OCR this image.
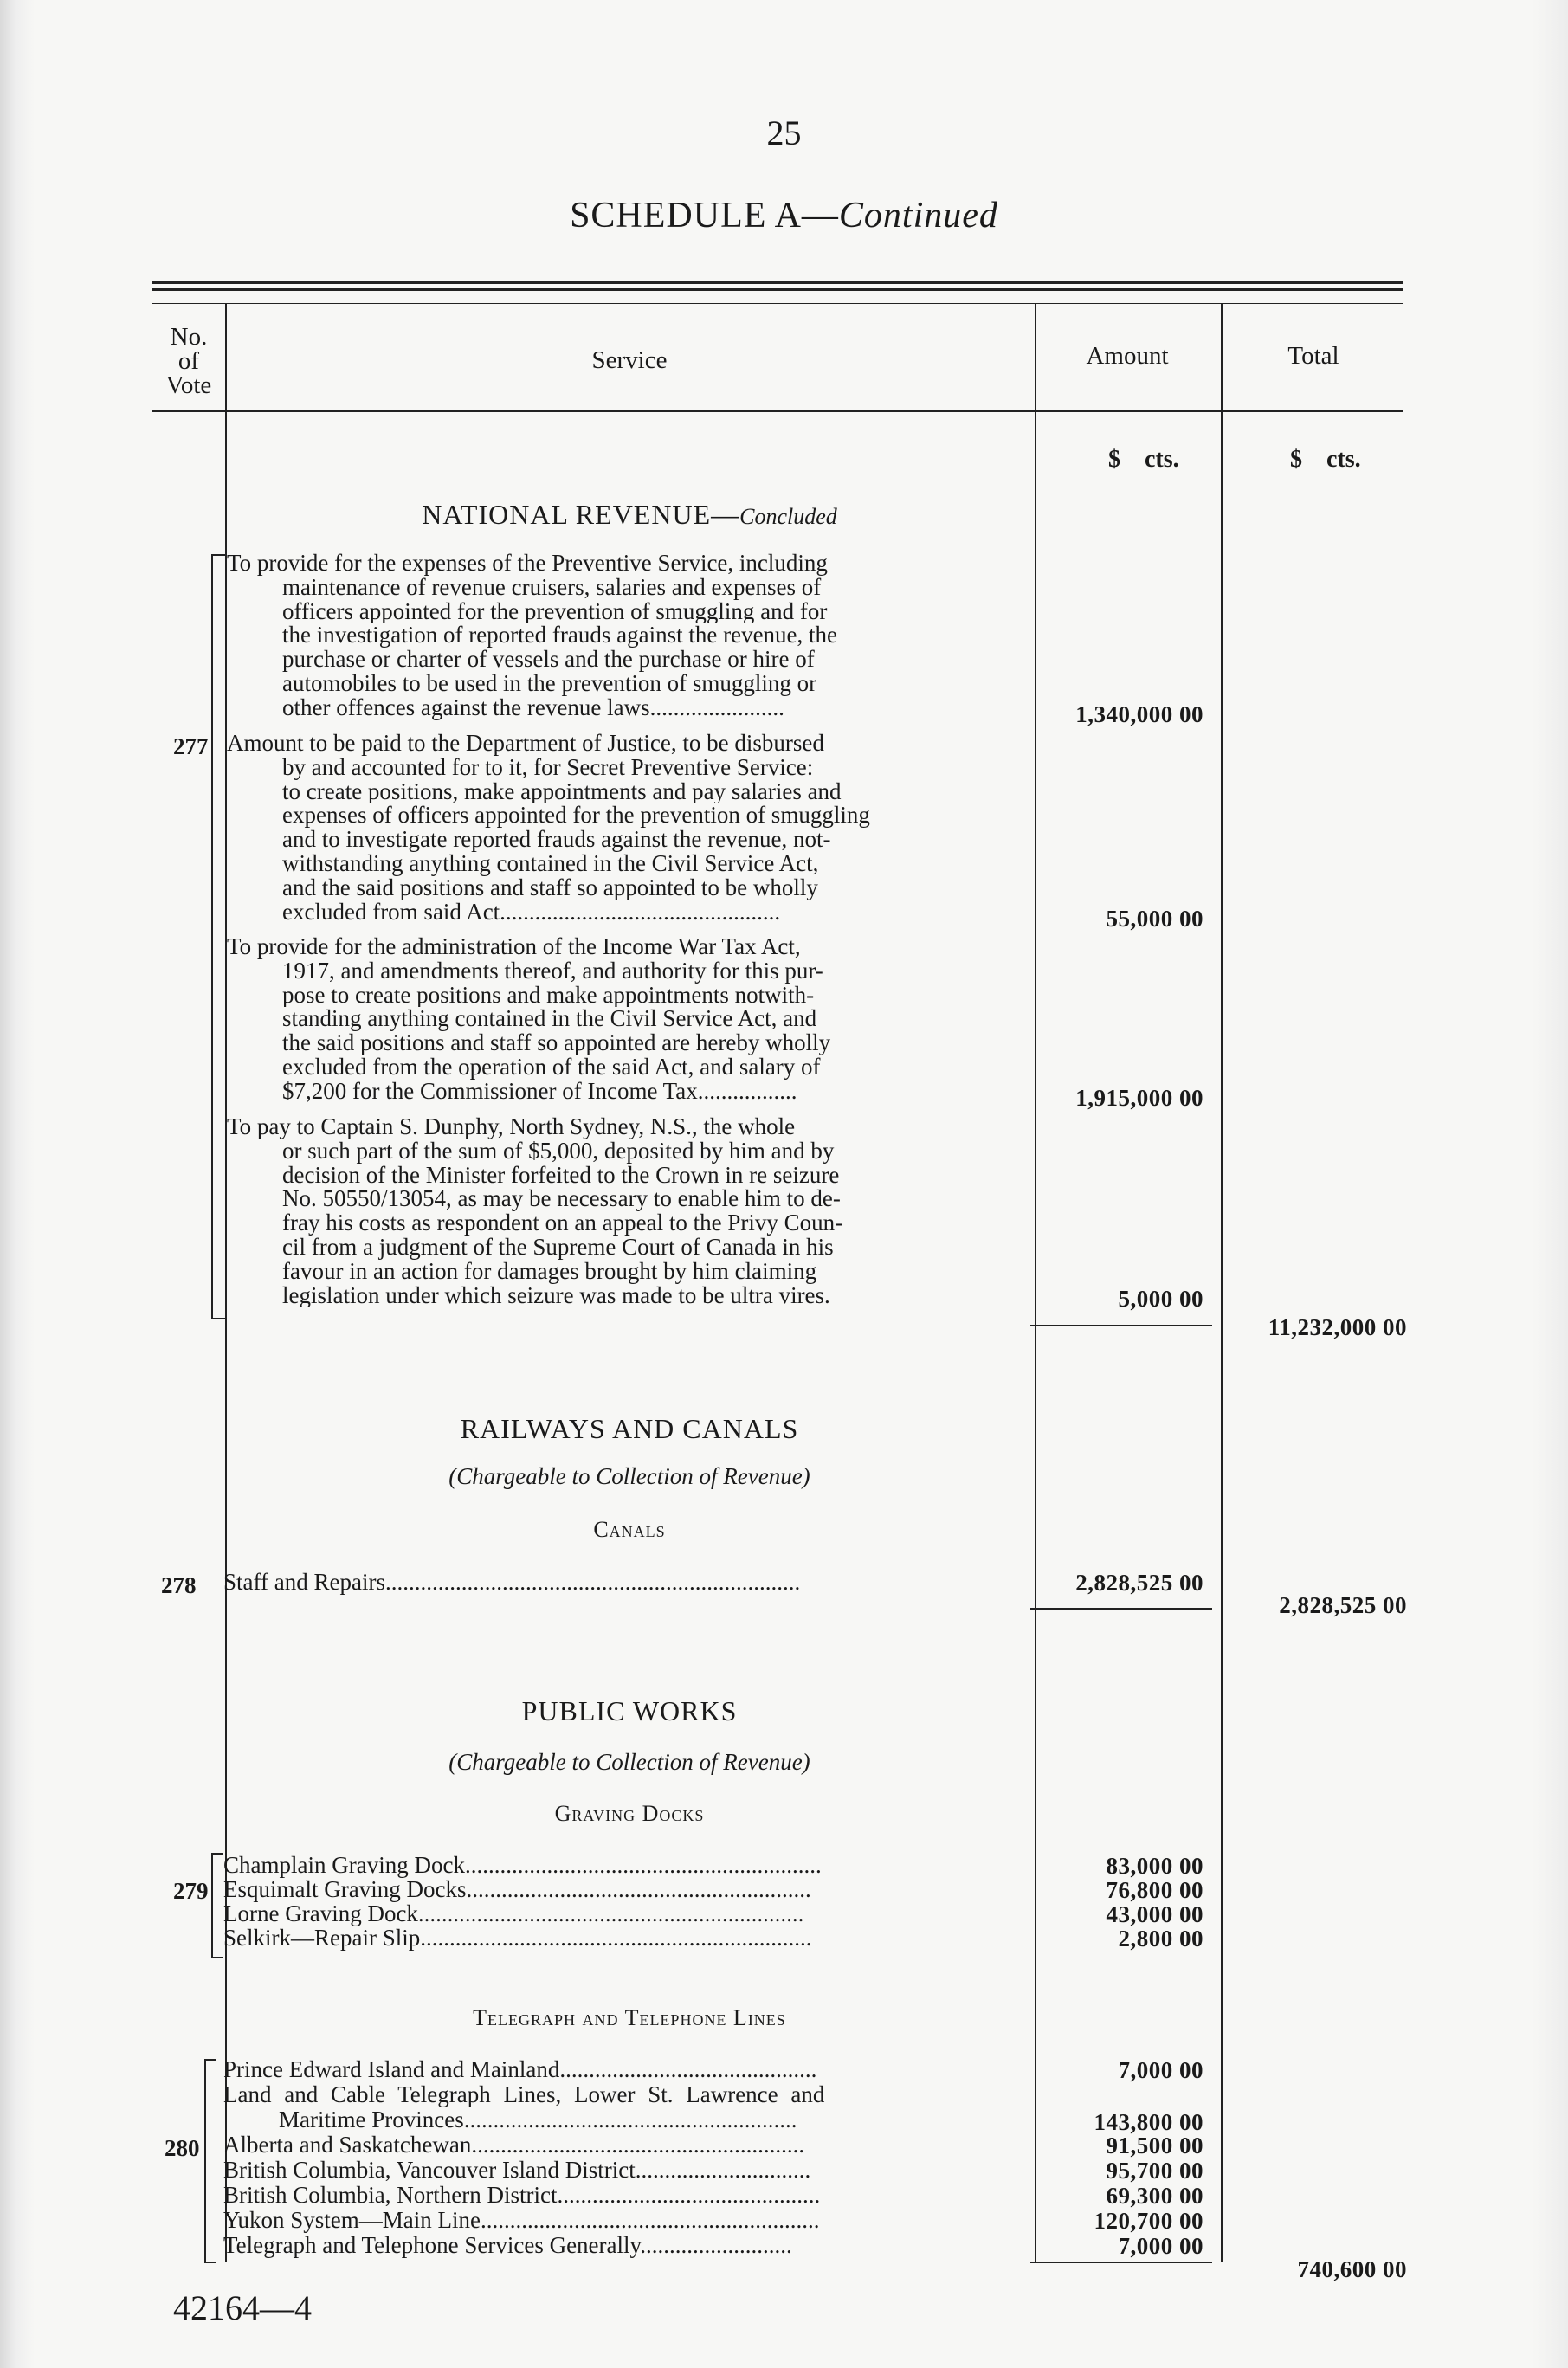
25
SCHEDULE A—Continued
No.
of
Vote
Service	Amount	Total
$    cts.	$    cts.
NATIONAL REVENUE—Concluded
277
To provide for the expenses of the Preventive Service, including
maintenance of revenue cruisers, salaries and expenses of
officers appointed for the prevention of smuggling and for
the investigation of reported frauds against the revenue, the
purchase or charter of vessels and the purchase or hire of
automobiles to be used in the prevention of smuggling or
other offences against the revenue laws.......................	1,340,000 00
Amount to be paid to the Department of Justice, to be disbursed
by and accounted for to it, for Secret Preventive Service:
to create positions, make appointments and pay salaries and
expenses of officers appointed for the prevention of smuggling
and to investigate reported frauds against the revenue, not-
withstanding anything contained in the Civil Service Act,
and the said positions and staff so appointed to be wholly
excluded from said Act................................................	55,000 00
To provide for the administration of the Income War Tax Act,
1917, and amendments thereof, and authority for this pur-
pose to create positions and make appointments notwith-
standing anything contained in the Civil Service Act, and
the said positions and staff so appointed are hereby wholly
excluded from the operation of the said Act, and salary of
$7,200 for the Commissioner of Income Tax.................	1,915,000 00
To pay to Captain S. Dunphy, North Sydney, N.S., the whole
or such part of the sum of $5,000, deposited by him and by
decision of the Minister forfeited to the Crown in re seizure
No. 50550/13054, as may be necessary to enable him to de-
fray his costs as respondent on an appeal to the Privy Coun-
cil from a judgment of the Supreme Court of Canada in his
favour in an action for damages brought by him claiming
legislation under which seizure was made to be ultra vires.	5,000 00
11,232,000 00
RAILWAYS AND CANALS
(Chargeable to Collection of Revenue)
Canals
278 Staff and Repairs.......................................................................	2,828,525 00
2,828,525 00
PUBLIC WORKS
(Chargeable to Collection of Revenue)
Graving Docks
279
Champlain Graving Dock.............................................................	83,000 00
Esquimalt Graving Docks...........................................................	76,800 00
Lorne Graving Dock..................................................................	43,000 00
Selkirk—Repair Slip...................................................................	2,800 00
Telegraph and Telephone Lines
280
Prince Edward Island and Mainland............................................	7,000 00
Land and Cable Telegraph Lines, Lower St. Lawrence and
Maritime Provinces.........................................................	143,800 00
Alberta and Saskatchewan.........................................................	91,500 00
British Columbia, Vancouver Island District..............................	95,700 00
British Columbia, Northern District.............................................	69,300 00
Yukon System—Main Line..........................................................	120,700 00
Telegraph and Telephone Services Generally..........................	7,000 00
740,600 00
42164—4
